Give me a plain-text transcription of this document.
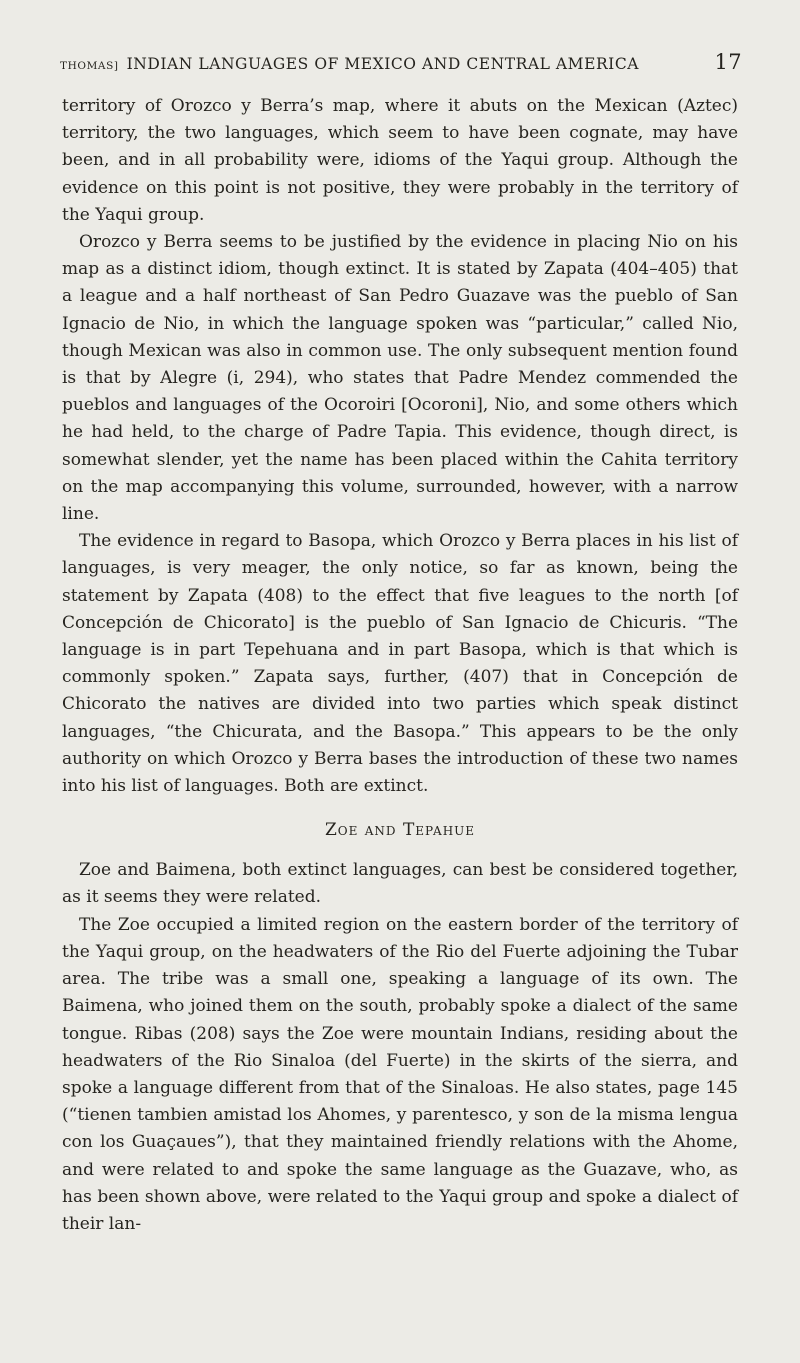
THOMAS] INDIAN LANGUAGES OF MEXICO AND CENTRAL AMERICA	17

territory of Orozco y Berra’s map, where it abuts on the Mexican (Aztec) territory, the two languages, which seem to have been cognate, may have been, and in all probability were, idioms of the Yaqui group. Although the evidence on this point is not positive, they were probably in the territory of the Yaqui group.

Orozco y Berra seems to be justified by the evidence in placing Nio on his map as a distinct idiom, though extinct. It is stated by Zapata (404–405) that a league and a half northeast of San Pedro Guazave was the pueblo of San Ignacio de Nio, in which the language spoken was “particular,” called Nio, though Mexican was also in common use. The only subsequent mention found is that by Alegre (i, 294), who states that Padre Mendez commended the pueblos and languages of the Ocoroiri [Ocoroni], Nio, and some others which he had held, to the charge of Padre Tapia. This evidence, though direct, is somewhat slender, yet the name has been placed within the Cahita territory on the map accompanying this volume, surrounded, however, with a narrow line.

The evidence in regard to Basopa, which Orozco y Berra places in his list of languages, is very meager, the only notice, so far as known, being the statement by Zapata (408) to the effect that five leagues to the north [of Concepción de Chicorato] is the pueblo of San Ignacio de Chicuris. “The language is in part Tepehuana and in part Basopa, which is that which is commonly spoken.” Zapata says, further, (407) that in Concepción de Chicorato the natives are divided into two parties which speak distinct languages, “the Chicurata, and the Basopa.” This appears to be the only authority on which Orozco y Berra bases the introduction of these two names into his list of languages. Both are extinct.

Zoe and Tepahue

Zoe and Baimena, both extinct languages, can best be considered together, as it seems they were related.

The Zoe occupied a limited region on the eastern border of the territory of the Yaqui group, on the headwaters of the Rio del Fuerte adjoining the Tubar area. The tribe was a small one, speaking a language of its own. The Baimena, who joined them on the south, probably spoke a dialect of the same tongue. Ribas (208) says the Zoe were mountain Indians, residing about the headwaters of the Rio Sinaloa (del Fuerte) in the skirts of the sierra, and spoke a language different from that of the Sinaloas. He also states, page 145 (“tienen tambien amistad los Ahomes, y parentesco, y son de la misma lengua con los Guaçaues”), that they maintained friendly relations with the Ahome, and were related to and spoke the same language as the Guazave, who, as has been shown above, were related to the Yaqui group and spoke a dialect of their lan-
